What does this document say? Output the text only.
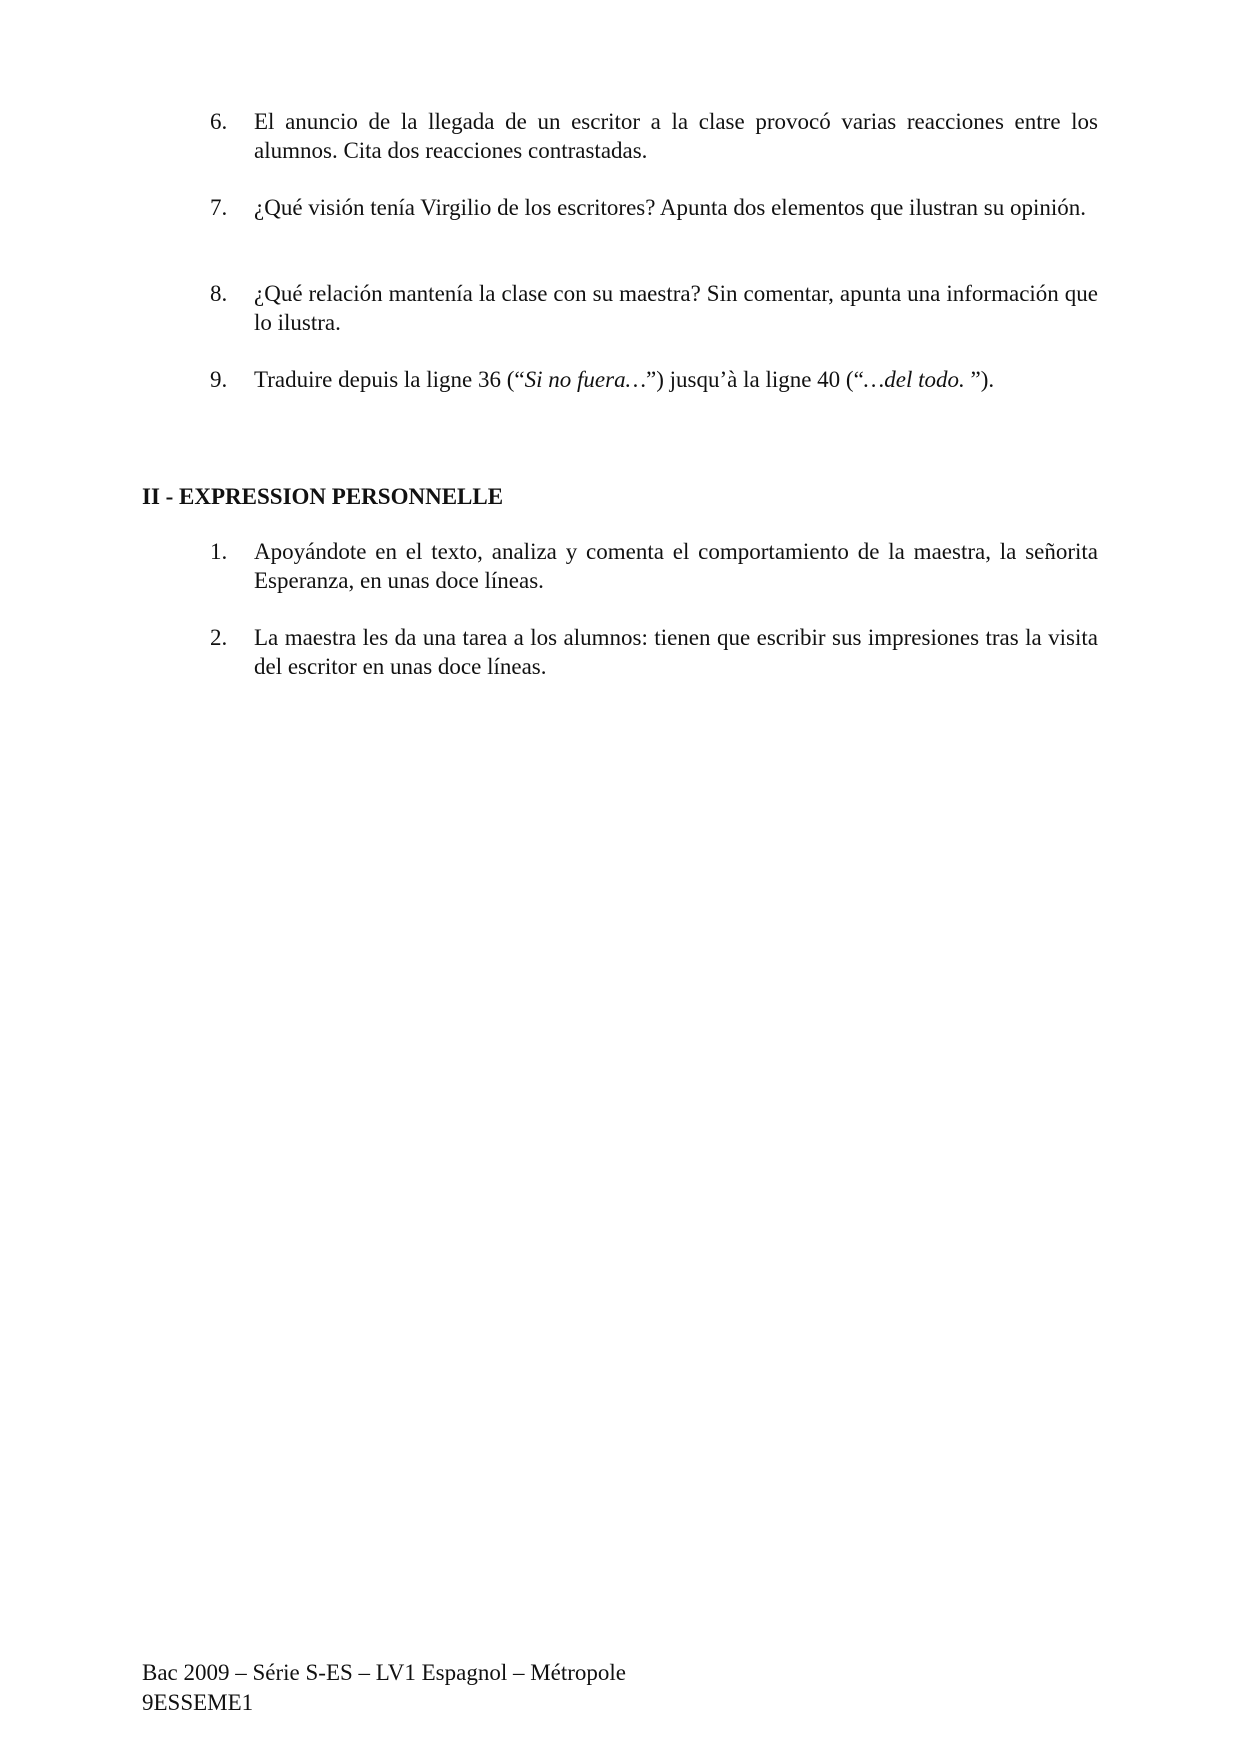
6.	El anuncio de la llegada de un escritor a la clase provocó varias reacciones entre los alumnos. Cita dos reacciones contrastadas.
7.	¿Qué visión tenía Virgilio de los escritores? Apunta dos elementos que ilustran su opinión.
8.	¿Qué relación mantenía la clase con su maestra? Sin comentar, apunta una información que lo ilustra.
9.	Traduire depuis la ligne 36 (“Si no fuera…”) jusqu’à la ligne 40 (“…del todo. ”).
II - EXPRESSION PERSONNELLE
1.	Apoyándote en el texto, analiza y comenta el comportamiento de la maestra, la señorita Esperanza, en unas doce líneas.
2.	La maestra les da una tarea a los alumnos: tienen que escribir sus impresiones tras la visita del escritor en unas doce líneas.
Bac 2009 – Série S-ES – LV1 Espagnol – Métropole
9ESSEME1
